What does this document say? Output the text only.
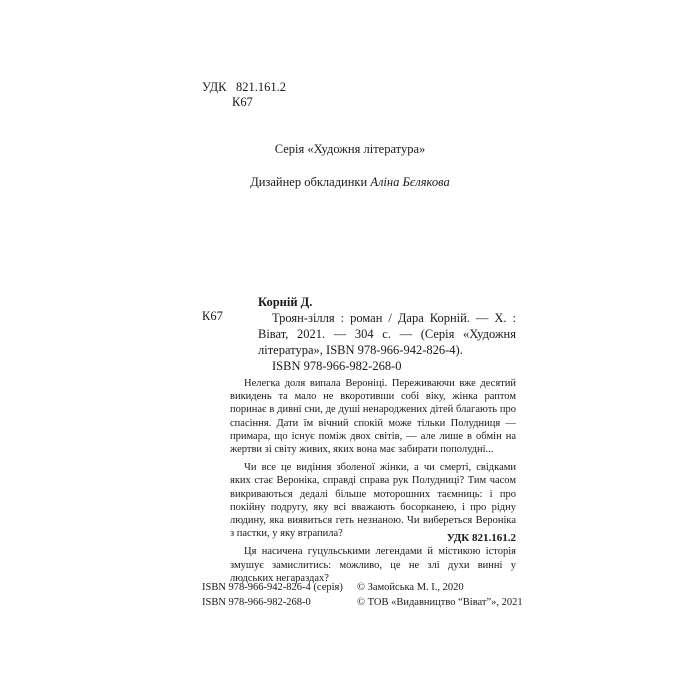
УДК 821.161.2
К67
Серія «Художня література»
Дизайнер обкладинки Аліна Бєлякова
К67

Корній Д.

Троян-зілля : роман / Дара Корній. — Х. : Віват, 2021. — 304 с. — (Серія «Художня література», ISBN 978-966-942-826-4).

ISBN 978-966-982-268-0

Нелегка доля випала Вероніці. Переживаючи вже десятий викидень та мало не вкоротивши собі віку, жінка раптом поринає в дивні сни, де душі ненароджених дітей благають про спасіння. Дати їм вічний спокій може тільки Полудниця — примара, що існує поміж двох світів, — але лише в обмін на жертви зі світу живих, яких вона має забирати пополудні...

Чи все це видіння зболеної жінки, а чи смерті, свідками яких стає Вероніка, справді справа рук Полудниці? Тим часом викриваються дедалі більше моторошних таємниць: і про покійну подругу, яку всі вважають босорканею, і про рідну людину, яка виявиться геть незнаною. Чи вибереться Вероніка з пастки, у яку втрапила?

Ця насичена гуцульськими легендами й містикою історія змушує замислитись: можливо, це не злі духи винні у людських негараздах?

УДК 821.161.2
ISBN 978-966-942-826-4 (серія)
ISBN 978-966-982-268-0
© Замойська М. І., 2020
© ТОВ «Видавництво “Віват”», 2021
